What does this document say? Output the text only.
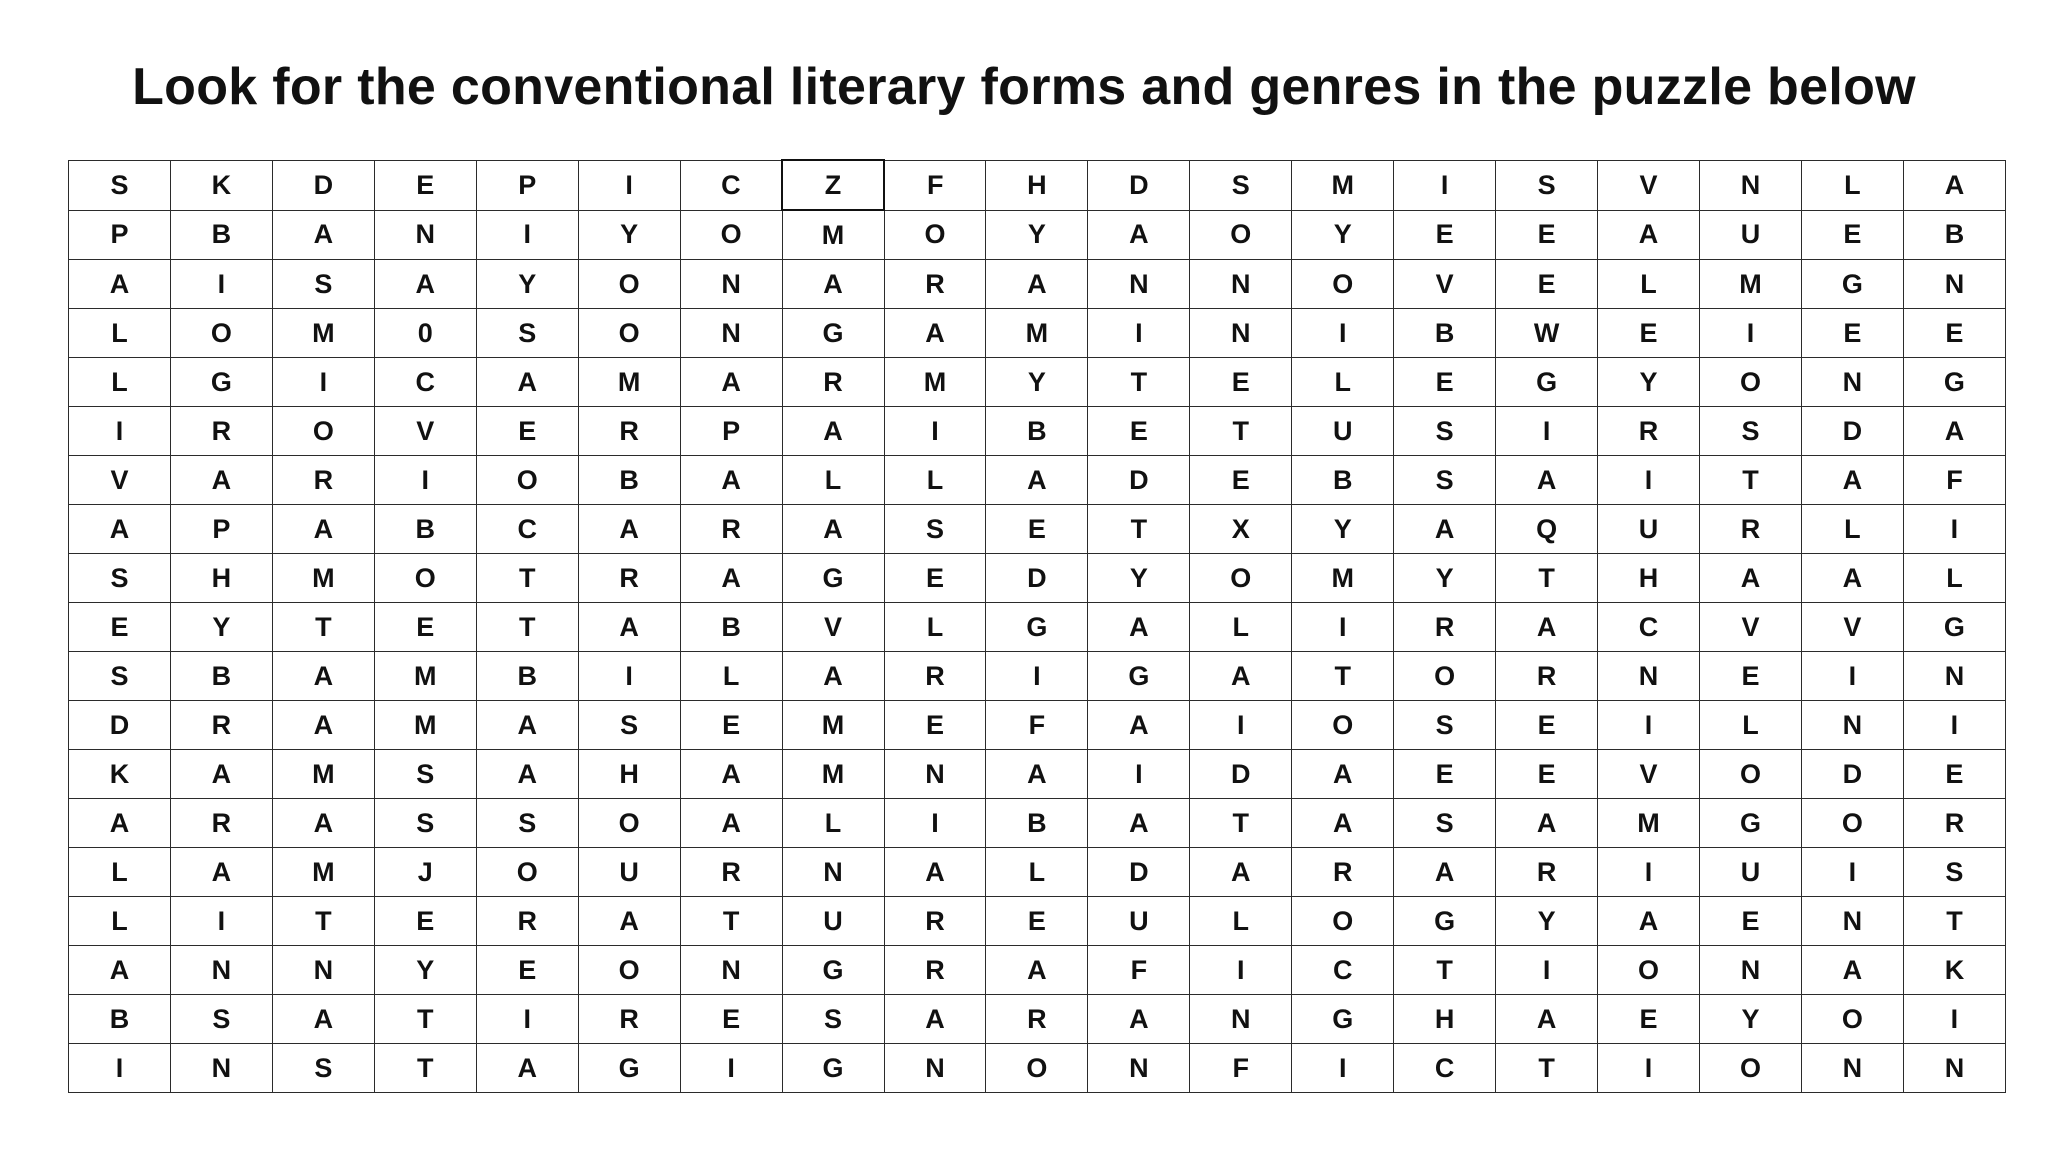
Look for the conventional literary forms and genres in the puzzle below
S	K	D	E	P	I	C	Z	F	H	D	S	M	I	S	V	N	L	A
P	B	A	N	I	Y	O	M	O	Y	A	O	Y	E	E	A	U	E	B
A	I	S	A	Y	O	N	A	R	A	N	N	O	V	E	L	M	G	N
L	O	M	0	S	O	N	G	A	M	I	N	I	B	W	E	I	E	E
L	G	I	C	A	M	A	R	M	Y	T	E	L	E	G	Y	O	N	G
I	R	O	V	E	R	P	A	I	B	E	T	U	S	I	R	S	D	A
V	A	R	I	O	B	A	L	L	A	D	E	B	S	A	I	T	A	F
A	P	A	B	C	A	R	A	S	E	T	X	Y	A	Q	U	R	L	I
S	H	M	O	T	R	A	G	E	D	Y	O	M	Y	T	H	A	A	L
E	Y	T	E	T	A	B	V	L	G	A	L	I	R	A	C	V	V	G
S	B	A	M	B	I	L	A	R	I	G	A	T	O	R	N	E	I	N
D	R	A	M	A	S	E	M	E	F	A	I	O	S	E	I	L	N	I
K	A	M	S	A	H	A	M	N	A	I	D	A	E	E	V	O	D	E
A	R	A	S	S	O	A	L	I	B	A	T	A	S	A	M	G	O	R
L	A	M	J	O	U	R	N	A	L	D	A	R	A	R	I	U	I	S
L	I	T	E	R	A	T	U	R	E	U	L	O	G	Y	A	E	N	T
A	N	N	Y	E	O	N	G	R	A	F	I	C	T	I	O	N	A	K
B	S	A	T	I	R	E	S	A	R	A	N	G	H	A	E	Y	O	I
I	N	S	T	A	G	I	G	N	O	N	F	I	C	T	I	O	N	N
